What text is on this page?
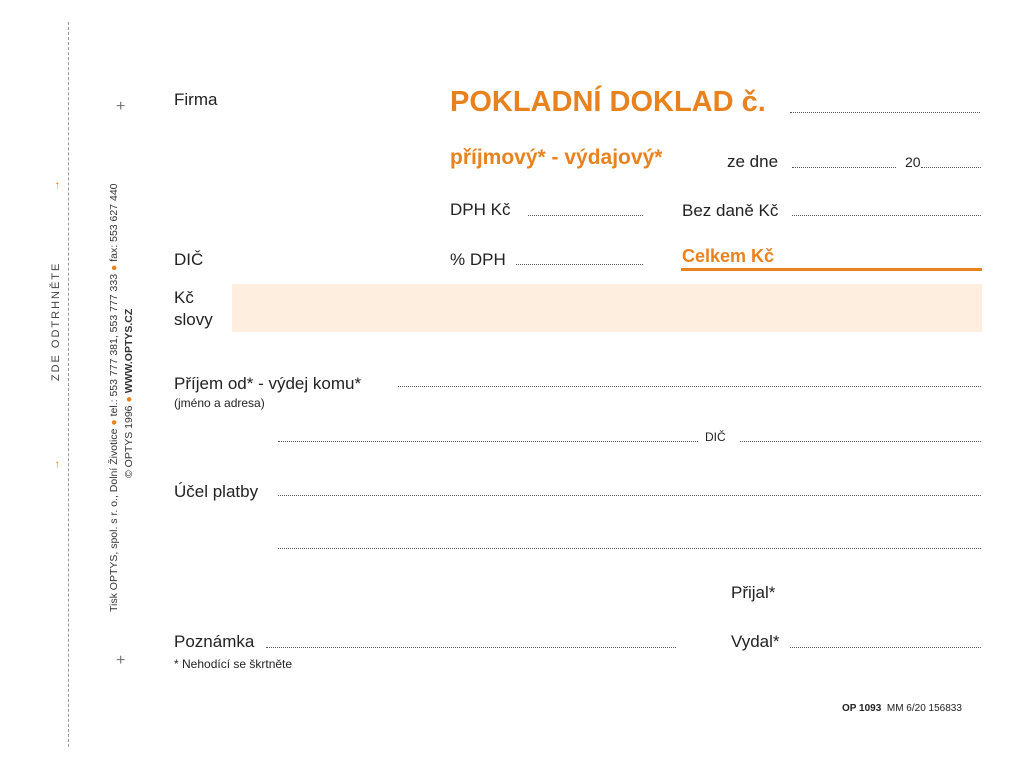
→               ZDE ODTRHNĚTE              →
Tisk OPTYS, spol. s r. o., Dolní Životice ● tel.: 553 777 381, 553 777 333 ● fax: 553 627 440
© OPTYS 1996 ● WWW.OPTYS.CZ
+
+
Firma	POKLADNÍ DOKLAD č.
příjmový* - výdajový*	ze dne	20
DPH Kč	Bez daně Kč
DIČ	% DPH	Celkem Kč
Kč
slovy
Příjem od* - výdej komu*
(jméno a adresa)
DIČ
Účel platby
Přijal*
Poznámka	Vydal*
* Nehodící se škrtněte
OP 1093 MM 6/20 156833
